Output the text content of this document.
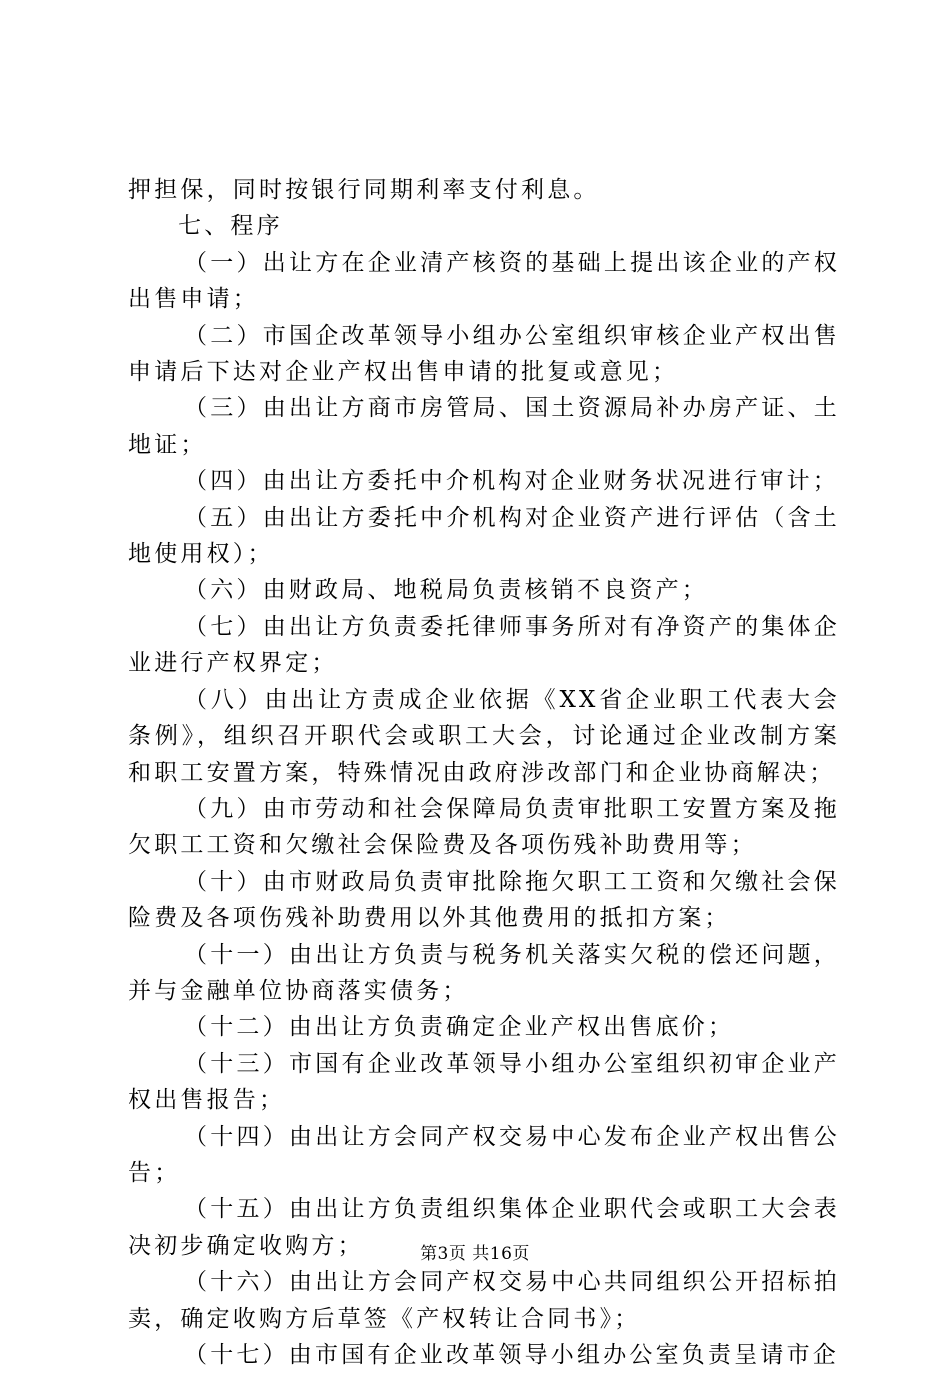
押担保，同时按银行同期利率支付利息。

七、程序

（一）出让方在企业清产核资的基础上提出该企业的产权出售申请；

（二）市国企改革领导小组办公室组织审核企业产权出售申请后下达对企业产权出售申请的批复或意见；

（三）由出让方商市房管局、国土资源局补办房产证、土地证；

（四）由出让方委托中介机构对企业财务状况进行审计；

（五）由出让方委托中介机构对企业资产进行评估（含土地使用权）；

（六）由财政局、地税局负责核销不良资产；

（七）由出让方负责委托律师事务所对有净资产的集体企业进行产权界定；

（八）由出让方责成企业依据《XX省企业职工代表大会条例》，组织召开职代会或职工大会，讨论通过企业改制方案和职工安置方案，特殊情况由政府涉改部门和企业协商解决；

（九）由市劳动和社会保障局负责审批职工安置方案及拖欠职工工资和欠缴社会保险费及各项伤残补助费用等；

（十）由市财政局负责审批除拖欠职工工资和欠缴社会保险费及各项伤残补助费用以外其他费用的抵扣方案；

（十一）由出让方负责与税务机关落实欠税的偿还问题，并与金融单位协商落实债务；

（十二）由出让方负责确定企业产权出售底价；

（十三）市国有企业改革领导小组办公室组织初审企业产权出售报告；

（十四）由出让方会同产权交易中心发布企业产权出售公告；

（十五）由出让方负责组织集体企业职代会或职工大会表决初步确定收购方；

（十六）由出让方会同产权交易中心共同组织公开招标拍卖，确定收购方后草签《产权转让合同书》；

（十七）由市国有企业改革领导小组办公室负责呈请市企

第3页 共16页
